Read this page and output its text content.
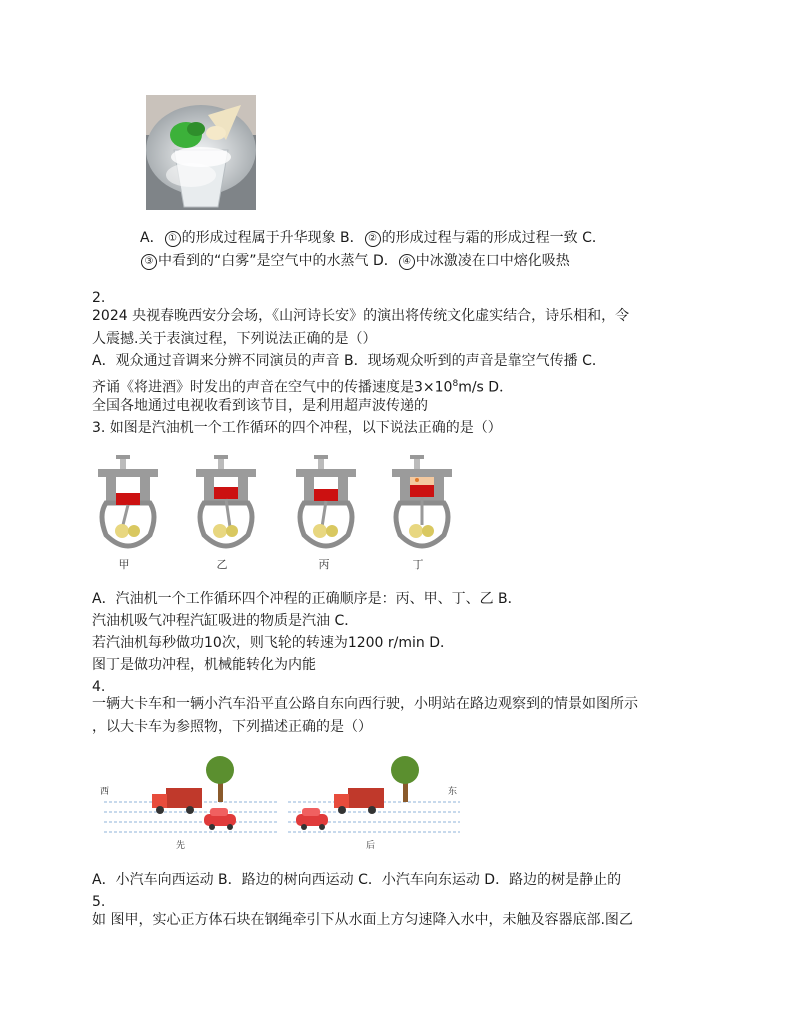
A． ① 的形成过程属于升华现象 B． ② 的形成过程与霜的形成过程一致 C．
③ 中看到的“白雾”是空气中的水蒸气 D． ④ 中冰激凌在口中熔化吸热
2.
2024 央视春晚西安分会场，《山河诗长安》的演出将传统文化虚实结合，诗乐相和，令
人震撼.关于表演过程，下列说法正确的是（）
A．观众通过音调来分辨不同演员的声音 B．现场观众听到的声音是靠空气传播 C．
齐诵《将进酒》时发出的声音在空气中的传播速度是$3\times 10^8m/s$ D．
全国各地通过电视收看到该节目，是利用超声波传递的
3. 如图是汽油机一个工作循环的四个冲程，以下说法正确的是（）
甲	乙	丙	丁
A．汽油机一个工作循环四个冲程的正确顺序是：丙、甲、丁、乙 B．
汽油机吸气冲程汽缸吸进的物质是汽油 C．
若汽油机每秒做功10次，则飞轮的转速为1200 r/min D．
图丁是做功冲程，机械能转化为内能
4.
一辆大卡车和一辆小汽车沿平直公路自东向西行驶，小明站在路边观察到的情景如图所示
，以大卡车为参照物，下列描述正确的是（）
西	东
先	后
A．小汽车向西运动 B．路边的树向西运动 C．小汽车向东运动 D．路边的树是静止的
5.
如 图甲，实心正方体石块在钢绳牵引下从水面上方匀速降入水中，未触及容器底部.图乙
